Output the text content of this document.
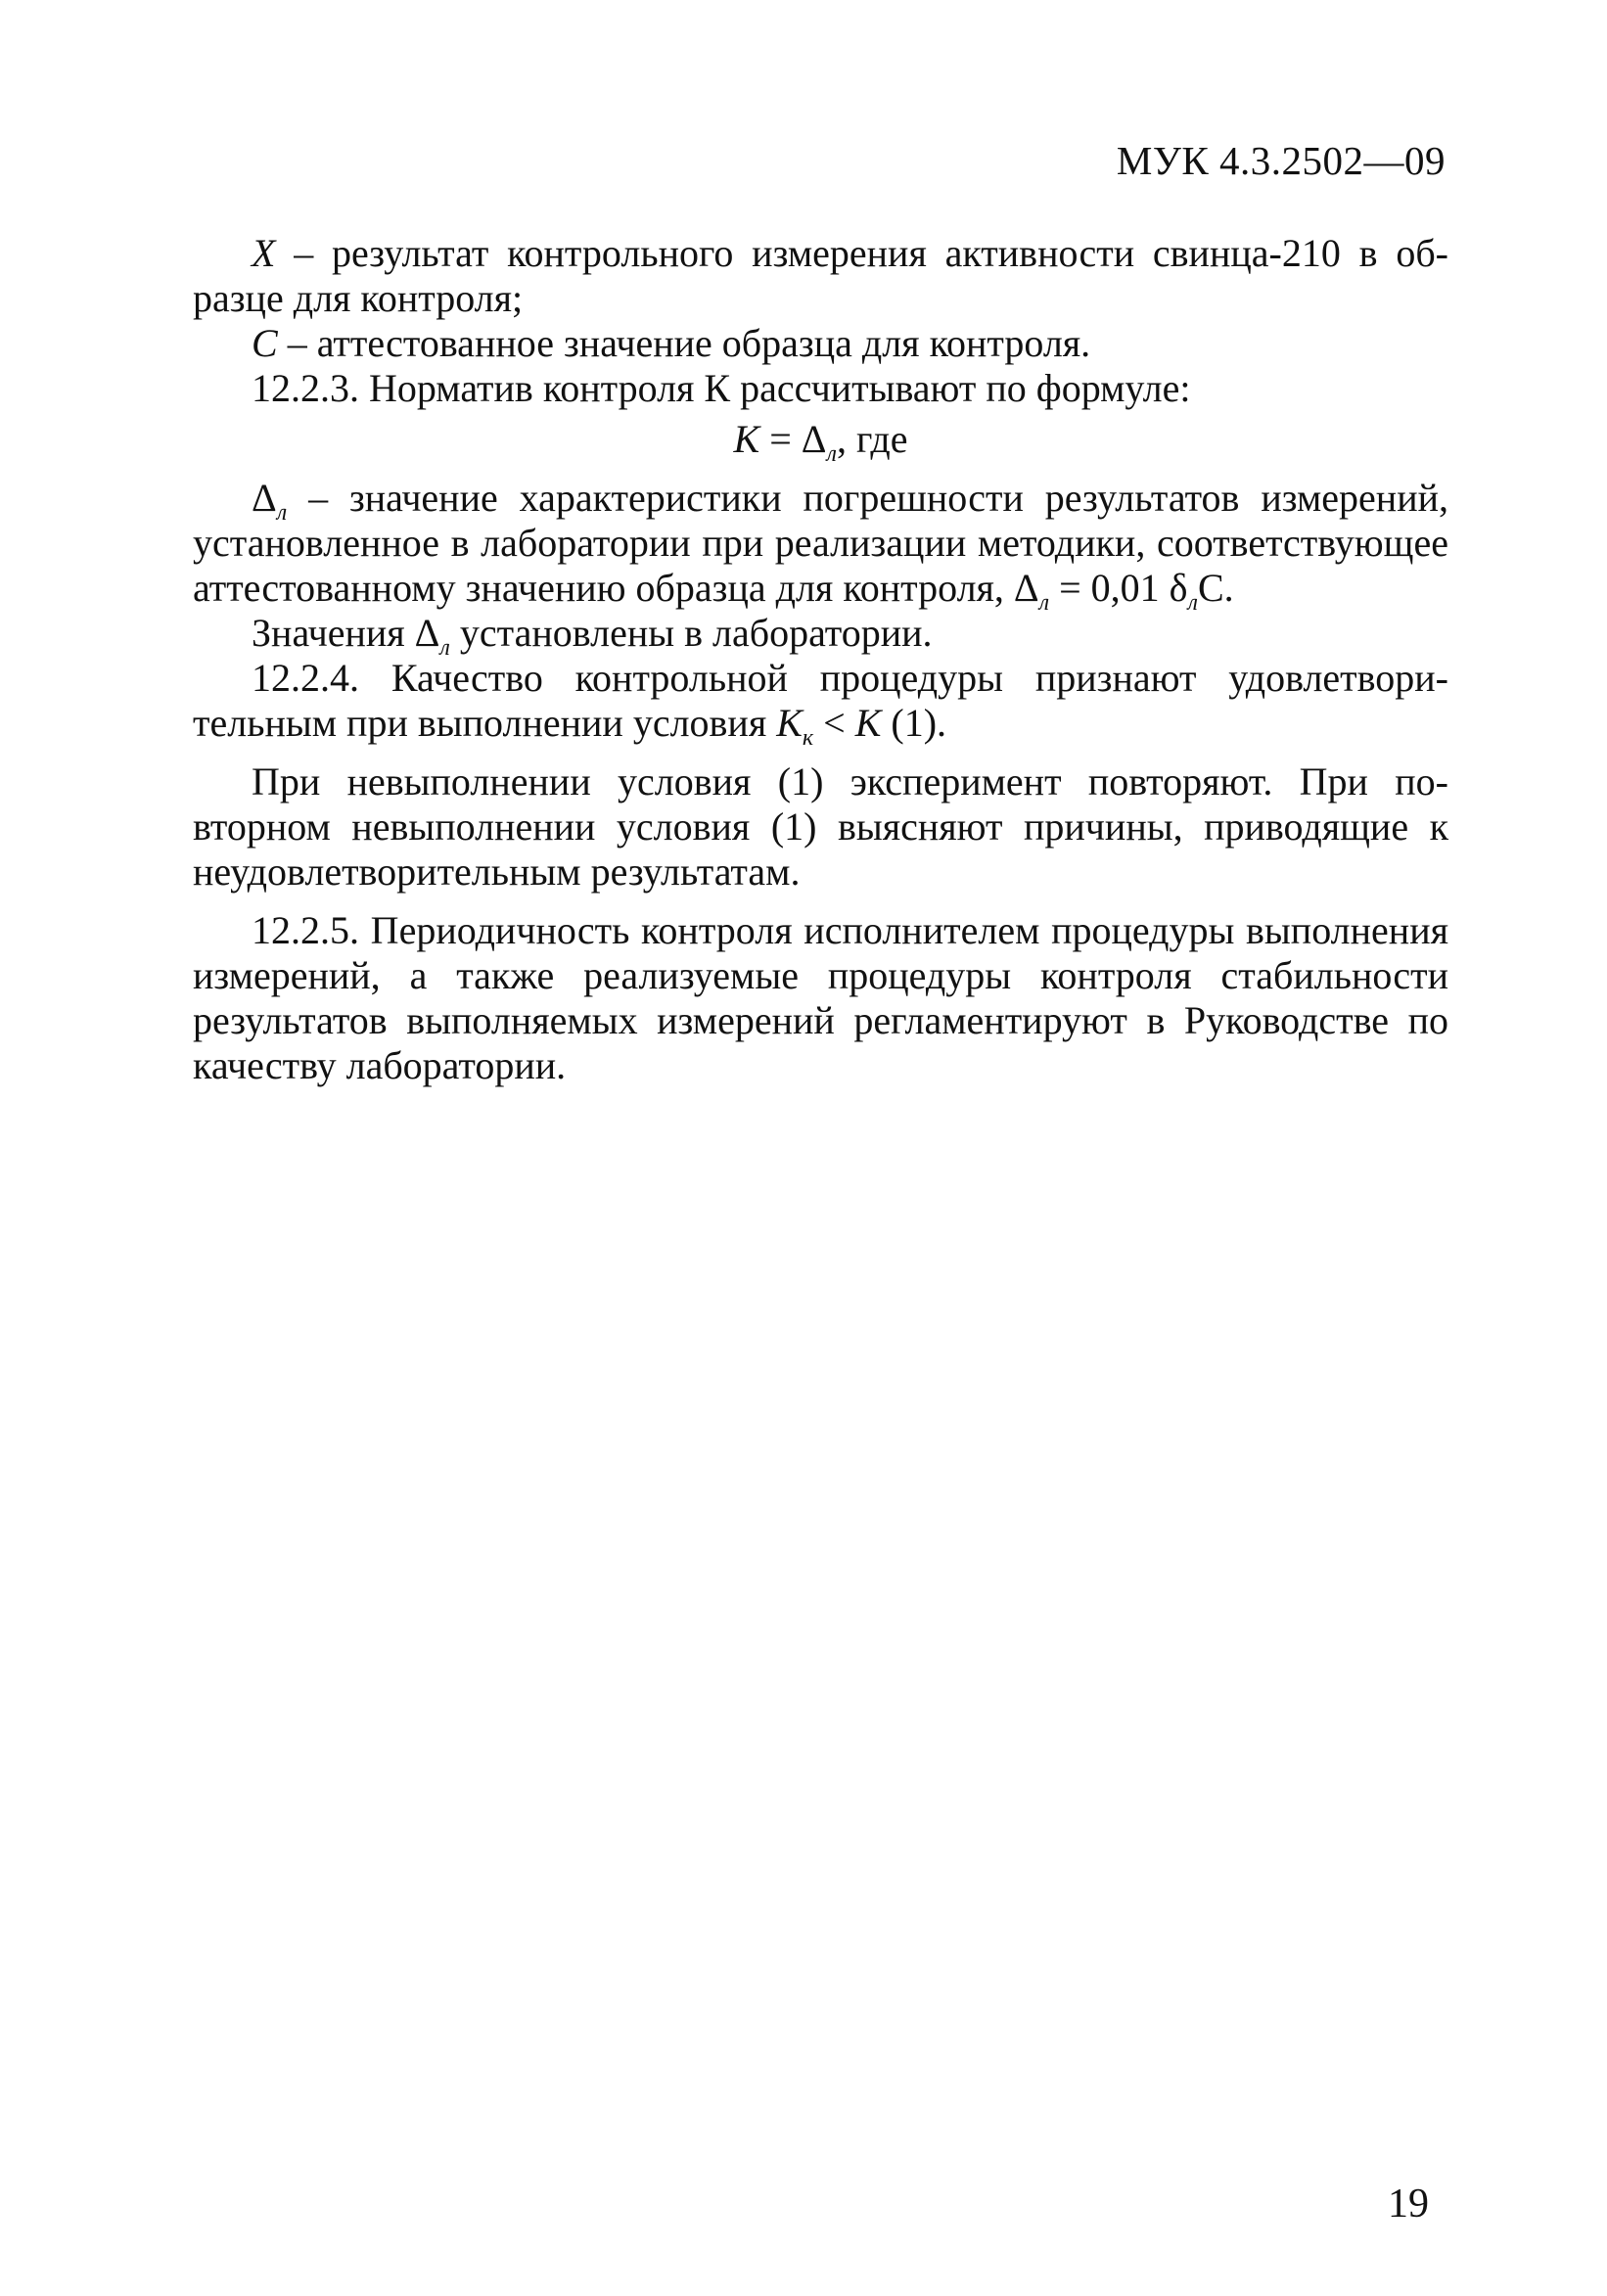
МУК 4.3.2502—09

X – результат контрольного измерения активности свинца-210 в образце для контроля;

C – аттестованное значение образца для контроля.

12.2.3. Норматив контроля К рассчитывают по формуле:

$K = \Delta_л$, где

$\Delta_л$ – значение характеристики погрешности результатов измерений, установленное в лаборатории при реализации методики, соответствующее аттестованному значению образца для контроля, $\Delta_л = 0,01$ $\delta_лС$.

Значения $\Delta_л$ установлены в лаборатории.

12.2.4. Качество контрольной процедуры признают удовлетворительным при выполнении условия $K_к < K$ (1).

При невыполнении условия (1) эксперимент повторяют. При повторном невыполнении условия (1) выясняют причины, приводящие к неудовлетворительным результатам.

12.2.5. Периодичность контроля исполнителем процедуры выполнения измерений, а также реализуемые процедуры контроля стабильности результатов выполняемых измерений регламентируют в Руководстве по качеству лаборатории.

19
